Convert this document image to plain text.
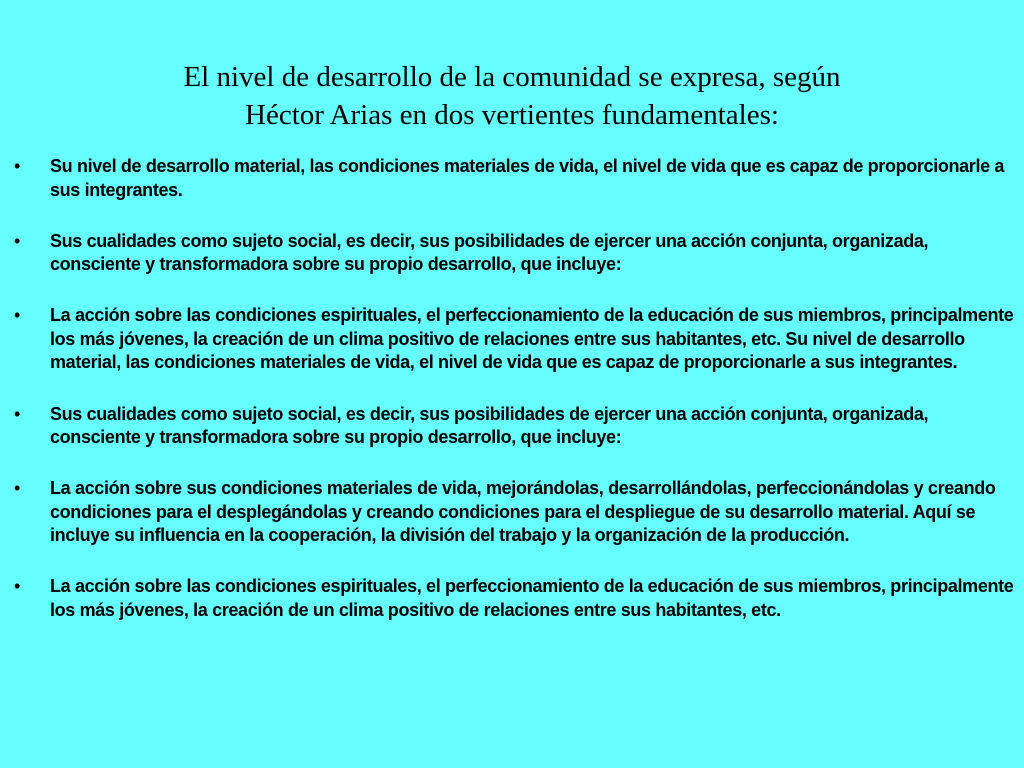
El nivel de desarrollo de la comunidad se expresa, según
Héctor Arias en dos vertientes fundamentales:
•	Su nivel de desarrollo material, las condiciones materiales de vida, el nivel de vida que es capaz de proporcionarle a sus integrantes.
•	Sus cualidades como sujeto social, es decir, sus posibilidades de ejercer una acción conjunta, organizada, consciente y transformadora sobre su propio desarrollo, que incluye:
•	La acción sobre las condiciones espirituales, el perfeccionamiento de la educación de sus miembros, principalmente los más jóvenes, la creación de un clima positivo de relaciones entre sus habitantes, etc. Su nivel de desarrollo material, las condiciones materiales de vida, el nivel de vida que es capaz de proporcionarle a sus integrantes.
•	Sus cualidades como sujeto social, es decir, sus posibilidades de ejercer una acción conjunta, organizada, consciente y transformadora sobre su propio desarrollo, que incluye:
•	La acción sobre sus condiciones materiales de vida, mejorándolas, desarrollándolas, perfeccionándolas y creando condiciones para el desplegándolas y creando condiciones para el despliegue de su desarrollo material. Aquí se incluye su influencia en la cooperación, la división del trabajo y la organización de la producción.
•	La acción sobre las condiciones espirituales, el perfeccionamiento de la educación de sus miembros, principalmente los más jóvenes, la creación de un clima positivo de relaciones entre sus habitantes, etc.
